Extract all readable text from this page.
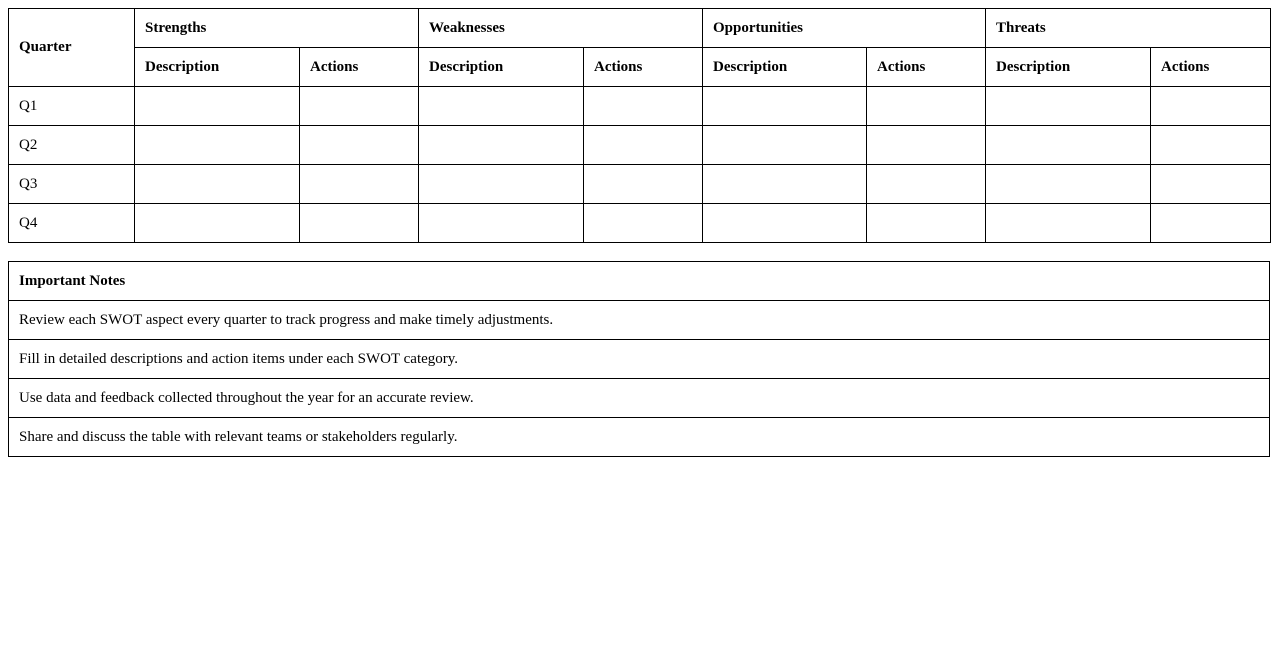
Quarter	Strengths		Weaknesses		Opportunities		Threats	
	Description	Actions	Description	Actions	Description	Actions	Description	Actions
Q1								
Q2								
Q3								
Q4								
Important Notes
Review each SWOT aspect every quarter to track progress and make timely adjustments.
Fill in detailed descriptions and action items under each SWOT category.
Use data and feedback collected throughout the year for an accurate review.
Share and discuss the table with relevant teams or stakeholders regularly.
